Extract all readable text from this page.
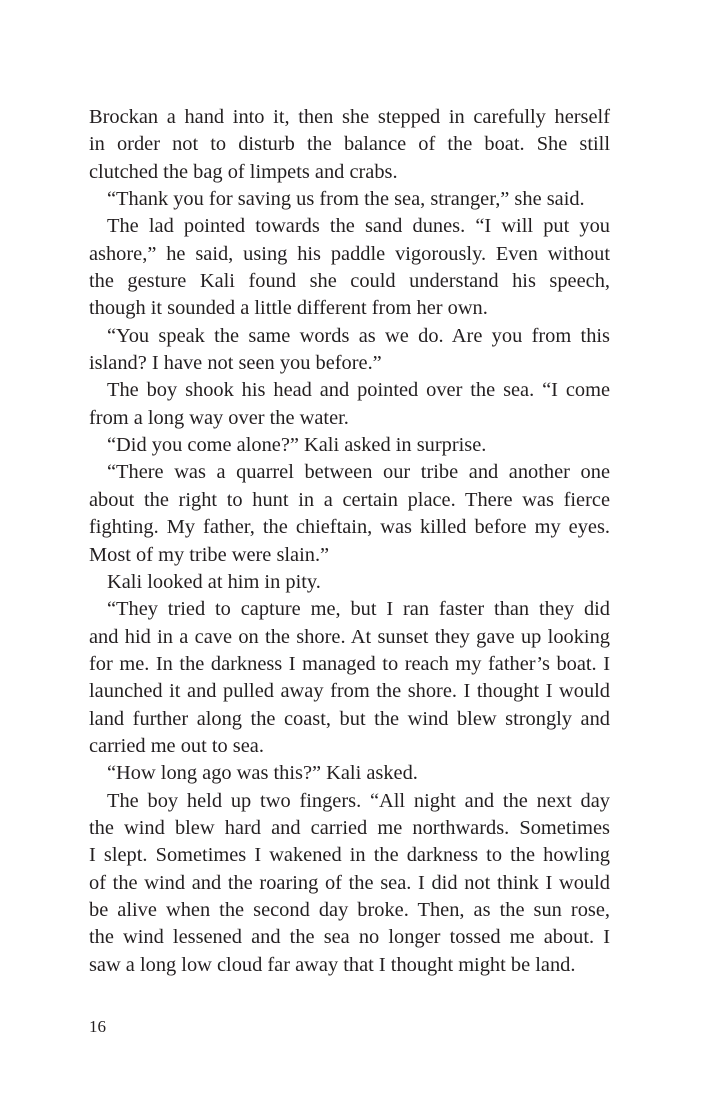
Brockan a hand into it, then she stepped in carefully herself
in order not to disturb the balance of the boat. She still
clutched the bag of limpets and crabs.

“Thank you for saving us from the sea, stranger,” she said.

The lad pointed towards the sand dunes. “I will put you
ashore,” he said, using his paddle vigorously. Even without
the gesture Kali found she could understand his speech,
though it sounded a little different from her own.

“You speak the same words as we do. Are you from this
island? I have not seen you before.”

The boy shook his head and pointed over the sea. “I come
from a long way over the water.

“Did you come alone?” Kali asked in surprise.

“There was a quarrel between our tribe and another one
about the right to hunt in a certain place. There was fierce
fighting. My father, the chieftain, was killed before my eyes.
Most of my tribe were slain.”

Kali looked at him in pity.

“They tried to capture me, but I ran faster than they did
and hid in a cave on the shore. At sunset they gave up looking
for me. In the darkness I managed to reach my father’s boat. I
launched it and pulled away from the shore. I thought I would
land further along the coast, but the wind blew strongly and
carried me out to sea.

“How long ago was this?” Kali asked.

The boy held up two fingers. “All night and the next day
the wind blew hard and carried me northwards. Sometimes
I slept. Sometimes I wakened in the darkness to the howling
of the wind and the roaring of the sea. I did not think I would
be alive when the second day broke. Then, as the sun rose,
the wind lessened and the sea no longer tossed me about. I
saw a long low cloud far away that I thought might be land.

16
